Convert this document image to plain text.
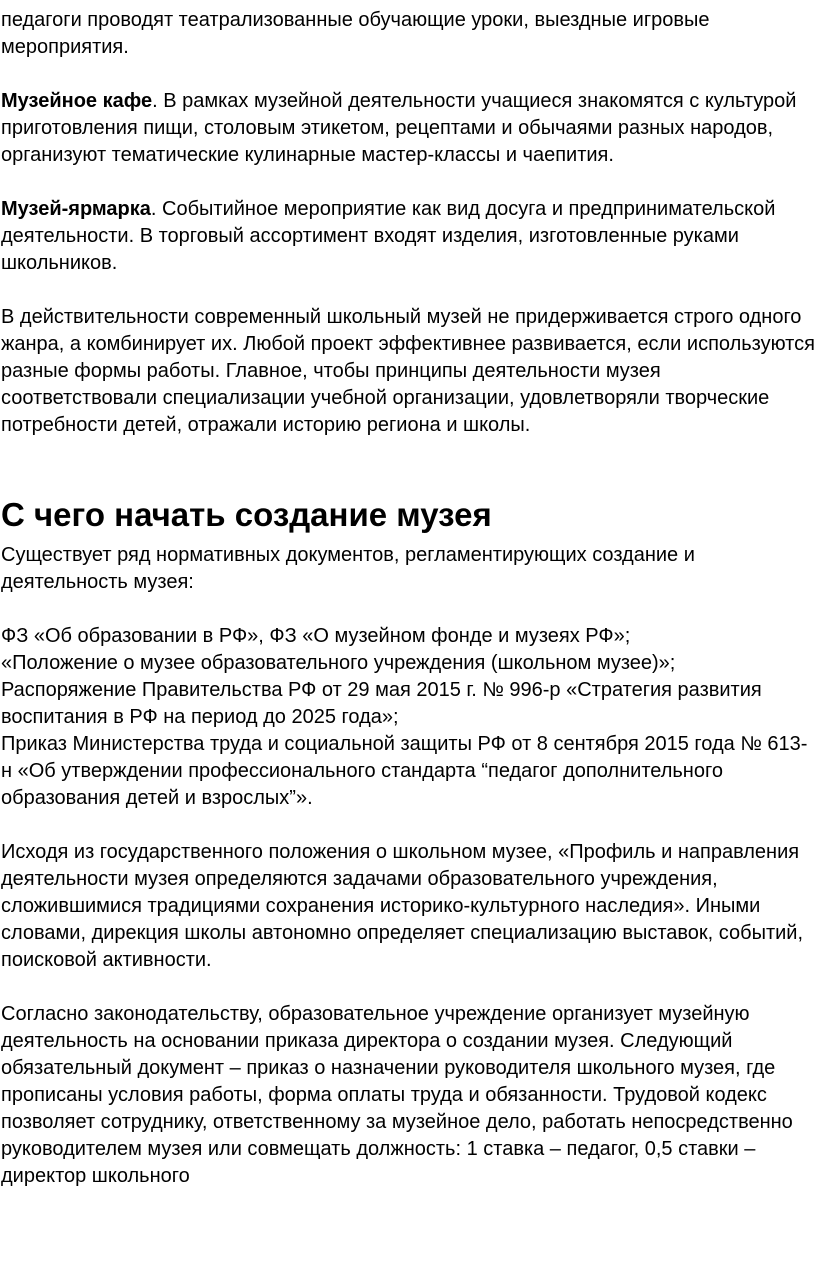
педагоги проводят театрализованные обучающие уроки, выездные игровые мероприятия.

Музейное кафе. В рамках музейной деятельности учащиеся знакомятся с культурой приготовления пищи, столовым этикетом, рецептами и обычаями разных народов, организуют тематические кулинарные мастер-классы и чаепития.

Музей-ярмарка. Событийное мероприятие как вид досуга и предпринимательской деятельности. В торговый ассортимент входят изделия, изготовленные руками школьников.

В действительности современный школьный музей не придерживается строго одного жанра, а комбинирует их. Любой проект эффективнее развивается, если используются разные формы работы. Главное, чтобы принципы деятельности музея соответствовали специализации учебной организации, удовлетворяли творческие потребности детей, отражали историю региона и школы.

С чего начать создание музея

Существует ряд нормативных документов, регламентирующих создание и деятельность музея:

ФЗ «Об образовании в РФ», ФЗ «О музейном фонде и музеях РФ»;
«Положение о музее образовательного учреждения (школьном музее)»;
Распоряжение Правительства РФ от 29 мая 2015 г. № 996-р «Стратегия развития воспитания в РФ на период до 2025 года»;
Приказ Министерства труда и социальной защиты РФ от 8 сентября 2015 года № 613-н «Об утверждении профессионального стандарта “педагог дополнительного образования детей и взрослых”».

Исходя из государственного положения о школьном музее, «Профиль и направления деятельности музея определяются задачами образовательного учреждения, сложившимися традициями сохранения историко-культурного наследия». Иными словами, дирекция школы автономно определяет специализацию выставок, событий, поисковой активности.

Согласно законодательству, образовательное учреждение организует музейную деятельность на основании приказа директора о создании музея. Следующий обязательный документ – приказ о назначении руководителя школьного музея, где прописаны условия работы, форма оплаты труда и обязанности. Трудовой кодекс позволяет сотруднику, ответственному за музейное дело, работать непосредственно руководителем музея или совмещать должность: 1 ставка – педагог, 0,5 ставки – директор школьного
